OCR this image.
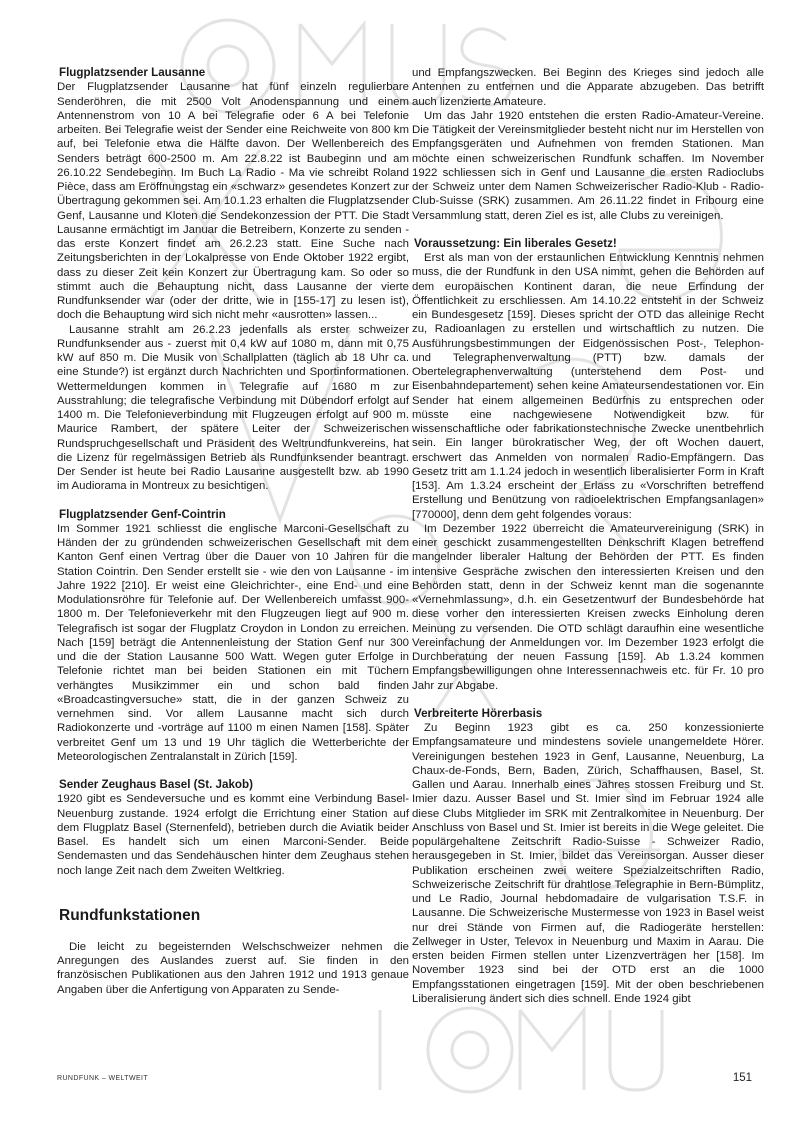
Flugplatzsender Lausanne

Der Flugplatzsender Lausanne hat fünf einzeln regulierbare Senderöhren, die mit 2500 Volt Anodenspannung und einem Antennenstrom von 10 A bei Telegrafie oder 6 A bei Telefonie arbeiten. Bei Telegrafie weist der Sender eine Reichweite von 800 km auf, bei Telefonie etwa die Hälfte davon. Der Wellenbereich des Senders beträgt 600-2500 m. Am 22.8.22 ist Baubeginn und am 26.10.22 Sendebeginn. Im Buch La Radio - Ma vie schreibt Roland Pièce, dass am Eröffnungstag ein «schwarz» gesendetes Konzert zur Übertragung gekommen sei. Am 10.1.23 erhalten die Flugplatzsender Genf, Lausanne und Kloten die Sendekonzession der PTT. Die Stadt Lausanne ermächtigt im Januar die Betreibern, Konzerte zu senden - das erste Konzert findet am 26.2.23 statt. Eine Suche nach Zeitungsberichten in der Lokalpresse von Ende Oktober 1922 ergibt, dass zu dieser Zeit kein Konzert zur Übertragung kam. So oder so stimmt auch die Behauptung nicht, dass Lausanne der vierte Rundfunksender war (oder der dritte, wie in [155-17] zu lesen ist), doch die Behauptung wird sich nicht mehr «ausrotten» lassen...

Lausanne strahlt am 26.2.23 jedenfalls als erster schweizer Rundfunksender aus - zuerst mit 0,4 kW auf 1080 m, dann mit 0,75 kW auf 850 m. Die Musik von Schallplatten (täglich ab 18 Uhr ca. eine Stunde?) ist ergänzt durch Nachrichten und Sportinformationen. Wettermeldungen kommen in Telegrafie auf 1680 m zur Ausstrahlung; die telegrafische Verbindung mit Dübendorf erfolgt auf 1400 m. Die Telefonieverbindung mit Flugzeugen erfolgt auf 900 m. Maurice Rambert, der spätere Leiter der Schweizerischen Rundspruchgesellschaft und Präsident des Weltrundfunkvereins, hat die Lizenz für regelmässigen Betrieb als Rundfunksender beantragt. Der Sender ist heute bei Radio Lausanne ausgestellt bzw. ab 1990 im Audiorama in Montreux zu besichtigen.

Flugplatzsender Genf-Cointrin

Im Sommer 1921 schliesst die englische Marconi-Gesellschaft zu Händen der zu gründenden schweizerischen Gesellschaft mit dem Kanton Genf einen Vertrag über die Dauer von 10 Jahren für die Station Cointrin. Den Sender erstellt sie - wie den von Lausanne - im Jahre 1922 [210]. Er weist eine Gleichrichter-, eine End- und eine Modulationsröhre für Telefonie auf. Der Wellenbereich umfasst 900-1800 m. Der Telefonieverkehr mit den Flugzeugen liegt auf 900 m. Telegrafisch ist sogar der Flugplatz Croydon in London zu erreichen. Nach [159] beträgt die Antennenleistung der Station Genf nur 300 und die der Station Lausanne 500 Watt. Wegen guter Erfolge in Telefonie richtet man bei beiden Stationen ein mit Tüchern verhängtes Musikzimmer ein und schon bald finden «Broadcastingversuche» statt, die in der ganzen Schweiz zu vernehmen sind. Vor allem Lausanne macht sich durch Radiokonzerte und -vorträge auf 1100 m einen Namen [158]. Später verbreitet Genf um 13 und 19 Uhr täglich die Wetterberichte der Meteorologischen Zentralanstalt in Zürich [159].

Sender Zeughaus Basel (St. Jakob)

1920 gibt es Sendeversuche und es kommt eine Verbindung Basel-Neuenburg zustande. 1924 erfolgt die Errichtung einer Station auf dem Flugplatz Basel (Sternenfeld), betrieben durch die Aviatik beider Basel. Es handelt sich um einen Marconi-Sender. Beide Sendemasten und das Sendehäuschen hinter dem Zeughaus stehen noch lange Zeit nach dem Zweiten Weltkrieg.

Rundfunkstationen

Die leicht zu begeisternden Welschschweizer nehmen die Anregungen des Auslandes zuerst auf. Sie finden in den französischen Publikationen aus den Jahren 1912 und 1913 genaue Angaben über die Anfertigung von Apparaten zu Sende-

und Empfangszwecken. Bei Beginn des Krieges sind jedoch alle Antennen zu entfernen und die Apparate abzugeben. Das betrifft auch lizenzierte Amateure.

Um das Jahr 1920 entstehen die ersten Radio-Amateur-Vereine. Die Tätigkeit der Vereinsmitglieder besteht nicht nur im Herstellen von Empfangsgeräten und Aufnehmen von fremden Stationen. Man möchte einen schweizerischen Rundfunk schaffen. Im November 1922 schliessen sich in Genf und Lausanne die ersten Radioclubs der Schweiz unter dem Namen Schweizerischer Radio-Klub - Radio-Club-Suisse (SRK) zusammen. Am 26.11.22 findet in Fribourg eine Versammlung statt, deren Ziel es ist, alle Clubs zu vereinigen.

Voraussetzung: Ein liberales Gesetz!

Erst als man von der erstaunlichen Entwicklung Kenntnis nehmen muss, die der Rundfunk in den USA nimmt, gehen die Behörden auf dem europäischen Kontinent daran, die neue Erfindung der Öffentlichkeit zu erschliessen. Am 14.10.22 entsteht in der Schweiz ein Bundesgesetz [159]. Dieses spricht der OTD das alleinige Recht zu, Radioanlagen zu erstellen und wirtschaftlich zu nutzen. Die Ausführungsbestimmungen der Eidgenössischen Post-, Telephon- und Telegraphenverwaltung (PTT) bzw. damals der Obertelegraphenverwaltung (unterstehend dem Post- und Eisenbahndepartement) sehen keine Amateursendestationen vor. Ein Sender hat einem allgemeinen Bedürfnis zu entsprechen oder müsste eine nachgewiesene Notwendigkeit bzw. für wissenschaftliche oder fabrikationstechnische Zwecke unentbehrlich sein. Ein langer bürokratischer Weg, der oft Wochen dauert, erschwert das Anmelden von normalen Radio-Empfängern. Das Gesetz tritt am 1.1.24 jedoch in wesentlich liberalisierter Form in Kraft [153]. Am 1.3.24 erscheint der Erlass zu «Vorschriften betreffend Erstellung und Benützung von radioelektrischen Empfangsanlagen» [770000], denn dem geht folgendes voraus:

Im Dezember 1922 überreicht die Amateurvereinigung (SRK) in einer geschickt zusammengestellten Denkschrift Klagen betreffend mangelnder liberaler Haltung der Behörden der PTT. Es finden intensive Gespräche zwischen den interessierten Kreisen und den Behörden statt, denn in der Schweiz kennt man die sogenannte «Vernehmlassung», d.h. ein Gesetzentwurf der Bundesbehörde hat diese vorher den interessierten Kreisen zwecks Einholung deren Meinung zu versenden. Die OTD schlägt daraufhin eine wesentliche Vereinfachung der Anmeldungen vor. Im Dezember 1923 erfolgt die Durchberatung der neuen Fassung [159]. Ab 1.3.24 kommen Empfangsbewilligungen ohne Interessennachweis etc. für Fr. 10 pro Jahr zur Abgabe.

Verbreiterte Hörerbasis

Zu Beginn 1923 gibt es ca. 250 konzessionierte Empfangsamateure und mindestens soviele unangemeldete Hörer. Vereinigungen bestehen 1923 in Genf, Lausanne, Neuenburg, La Chaux-de-Fonds, Bern, Baden, Zürich, Schaffhausen, Basel, St. Gallen und Aarau. Innerhalb eines Jahres stossen Freiburg und St. Imier dazu. Ausser Basel und St. Imier sind im Februar 1924 alle diese Clubs Mitglieder im SRK mit Zentralkomitee in Neuenburg. Der Anschluss von Basel und St. Imier ist bereits in die Wege geleitet. Die populärgehaltene Zeitschrift Radio-Suisse - Schweizer Radio, herausgegeben in St. Imier, bildet das Vereinsorgan. Ausser dieser Publikation erscheinen zwei weitere Spezialzeitschriften Radio, Schweizerische Zeitschrift für drahtlose Telegraphie in Bern-Bümplitz, und Le Radio, Journal hebdomadaire de vulgarisation T.S.F. in Lausanne. Die Schweizerische Mustermesse von 1923 in Basel weist nur drei Stände von Firmen auf, die Radiogeräte herstellen: Zellweger in Uster, Televox in Neuenburg und Maxim in Aarau. Die ersten beiden Firmen stellen unter Lizenzverträgen her [158]. Im November 1923 sind bei der OTD erst an die 1000 Empfangsstationen eingetragen [159]. Mit der oben beschriebenen Liberalisierung ändert sich dies schnell. Ende 1924 gibt

RUNDFUNK – WELTWEIT	151
